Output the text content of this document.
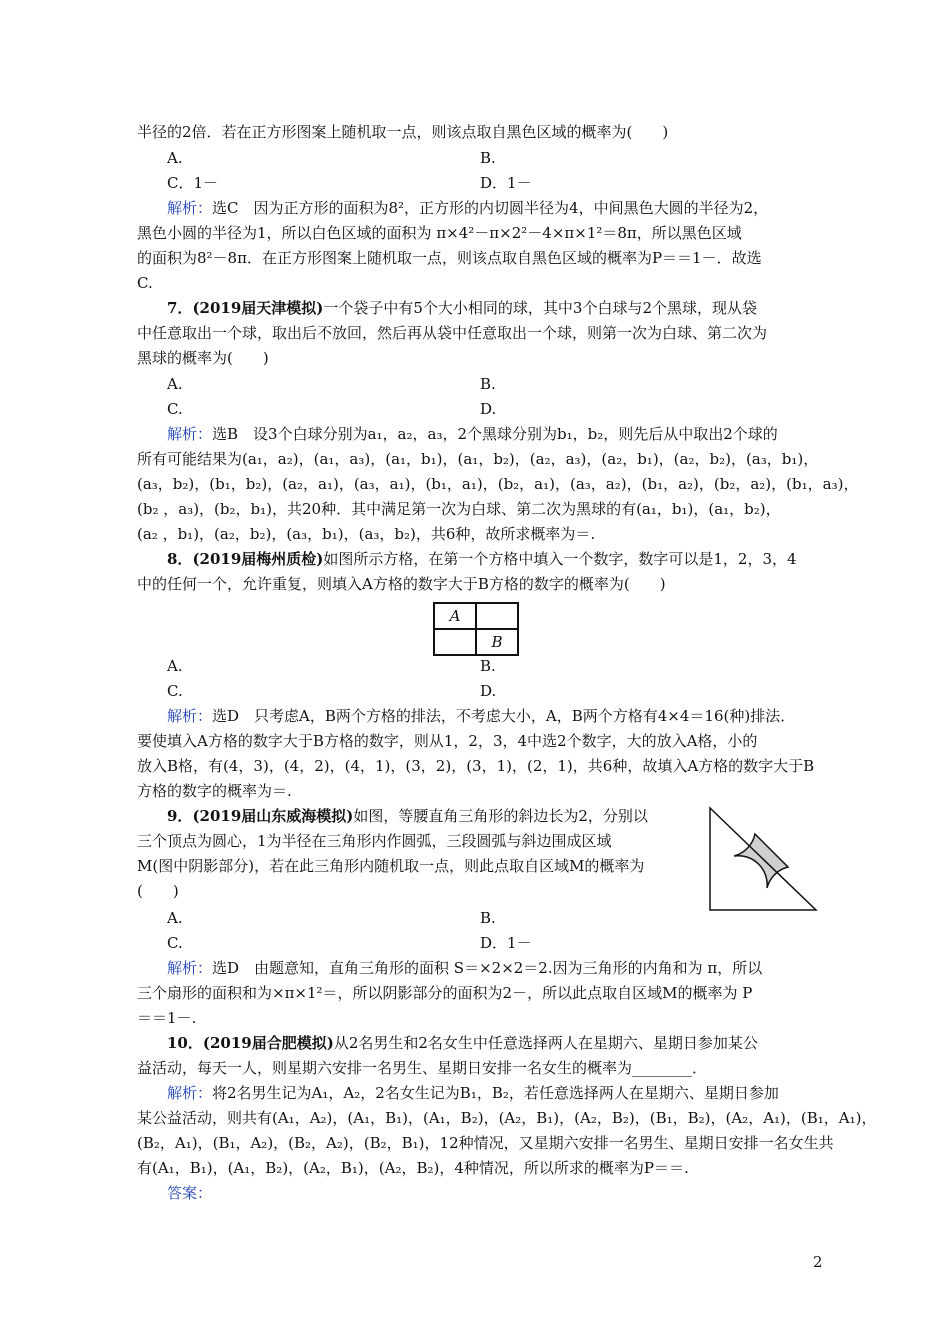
半径的2倍．若在正方形图案上随机取一点，则该点取自黑色区域的概率为(　　)
A.	B.
C．1－	D．1－
解析：选C　因为正方形的面积为8²，正方形的内切圆半径为4，中间黑色大圆的半径为2，
黑色小圆的半径为1，所以白色区域的面积为 π×4²－π×2²－4×π×1²＝8π，所以黑色区域
的面积为8²－8π．在正方形图案上随机取一点，则该点取自黑色区域的概率为P＝＝1－．故选
C.
7．(2019届天津模拟)一个袋子中有5个大小相同的球，其中3个白球与2个黑球，现从袋
中任意取出一个球，取出后不放回，然后再从袋中任意取出一个球，则第一次为白球、第二次为
黑球的概率为(　　)
A.	B.
C.	D.
解析：选B　设3个白球分别为a₁，a₂，a₃，2个黑球分别为b₁，b₂，则先后从中取出2个球的
所有可能结果为(a₁，a₂)，(a₁，a₃)，(a₁，b₁)，(a₁，b₂)，(a₂，a₃)，(a₂，b₁)，(a₂，b₂)，(a₃，b₁)，
(a₃，b₂)，(b₁，b₂)，(a₂，a₁)，(a₃，a₁)，(b₁，a₁)，(b₂，a₁)，(a₃，a₂)，(b₁，a₂)，(b₂，a₂)，(b₁，a₃)，
(b₂ ，a₃)，(b₂，b₁)，共20种．其中满足第一次为白球、第二次为黑球的有(a₁，b₁)，(a₁，b₂)，
(a₂ ，b₁)，(a₂，b₂)，(a₃，b₁)，(a₃，b₂)，共6种，故所求概率为＝.
8．(2019届梅州质检)如图所示方格，在第一个方格中填入一个数字，数字可以是1，2，3，4
中的任何一个，允许重复，则填入A方格的数字大于B方格的数字的概率为(　　)
A	
	B
A.	B.
C.	D.
解析：选D　只考虑A，B两个方格的排法，不考虑大小，A，B两个方格有4×4＝16(种)排法．
要使填入A方格的数字大于B方格的数字，则从1，2，3，4中选2个数字，大的放入A格，小的
放入B格，有(4，3)，(4，2)，(4，1)，(3，2)，(3，1)，(2，1)，共6种，故填入A方格的数字大于B
方格的数字的概率为＝.
9．(2019届山东威海模拟)如图，等腰直角三角形的斜边长为2，分别以
三个顶点为圆心，1为半径在三角形内作圆弧，三段圆弧与斜边围成区域
M(图中阴影部分)，若在此三角形内随机取一点，则此点取自区域M的概率为
(　　)
A.	B.
C.	D．1－
解析：选D　由题意知，直角三角形的面积 S＝×2×2＝2.因为三角形的内角和为 π，所以
三个扇形的面积和为×π×1²＝，所以阴影部分的面积为2－，所以此点取自区域M的概率为 P
＝＝1－.
10．(2019届合肥模拟)从2名男生和2名女生中任意选择两人在星期六、星期日参加某公
益活动，每天一人，则星期六安排一名男生、星期日安排一名女生的概率为________．
解析：将2名男生记为A₁，A₂，2名女生记为B₁，B₂，若任意选择两人在星期六、星期日参加
某公益活动，则共有(A₁，A₂)，(A₁，B₁)，(A₁，B₂)，(A₂，B₁)，(A₂，B₂)，(B₁，B₂)，(A₂，A₁)，(B₁，A₁)，
(B₂，A₁)，(B₁，A₂)，(B₂，A₂)，(B₂，B₁)，12种情况，又星期六安排一名男生、星期日安排一名女生共
有(A₁，B₁)，(A₁，B₂)，(A₂，B₁)，(A₂，B₂)，4种情况，所以所求的概率为P＝＝.
答案：
2
